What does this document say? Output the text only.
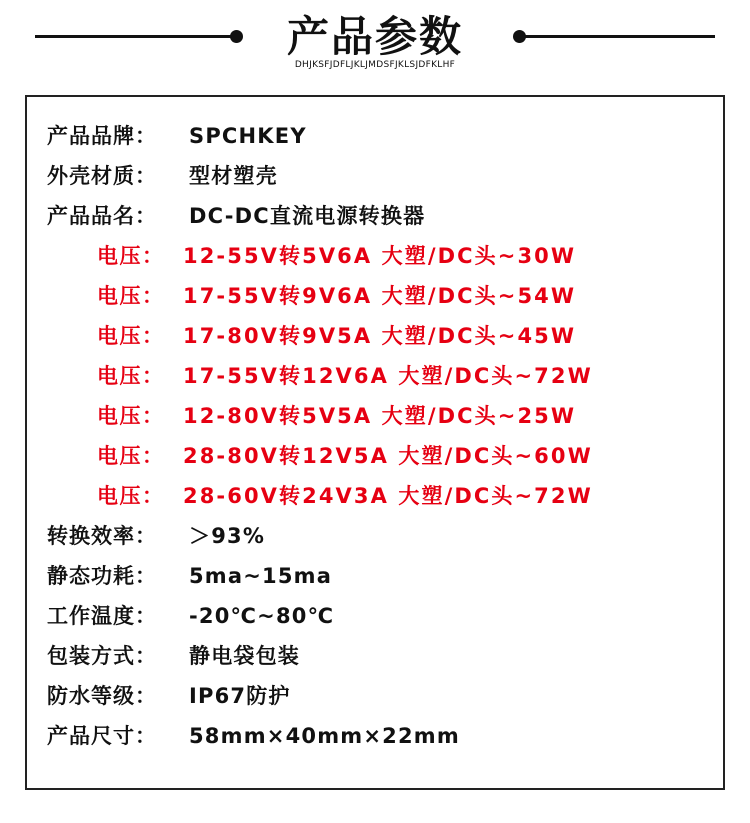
产品参数
DHJKSFJDFLJKLJMDSFJKLSJDFKLHF
产品品牌： SPCHKEY
外壳材质： 型材塑壳
产品品名： DC-DC直流电源转换器
电压： 12-55V转5V6A 大塑/DC头~30W
电压： 17-55V转9V6A 大塑/DC头~54W
电压： 17-80V转9V5A 大塑/DC头~45W
电压： 17-55V转12V6A 大塑/DC头~72W
电压： 12-80V转5V5A 大塑/DC头~25W
电压： 28-80V转12V5A 大塑/DC头~60W
电压： 28-60V转24V3A 大塑/DC头~72W
转换效率： ＞93%
静态功耗： 5ma~15ma
工作温度： -20℃~80℃
包装方式： 静电袋包装
防水等级： IP67防护
产品尺寸： 58mm×40mm×22mm
